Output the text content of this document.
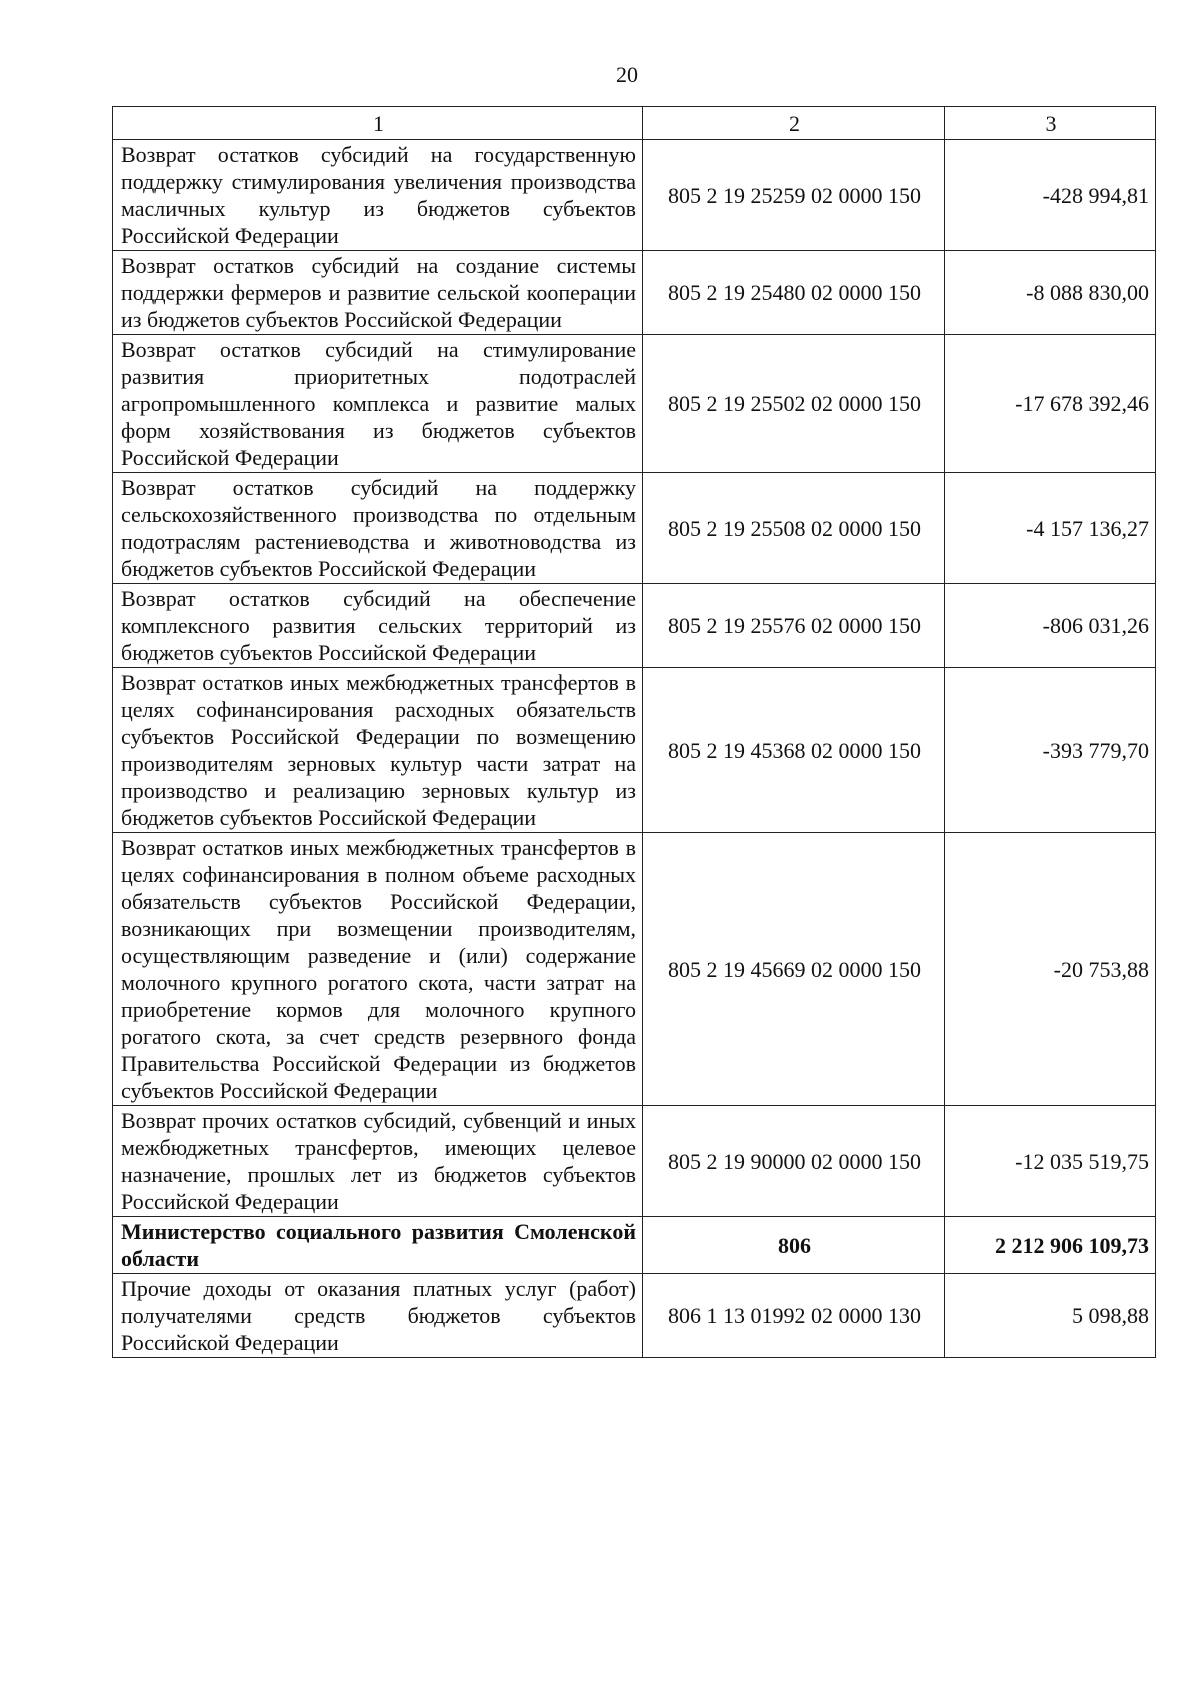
20
1	2	3
Возврат остатков субсидий на государственную поддержку стимулирования увеличения производства масличных культур из бюджетов субъектов Российской Федерации	805 2 19 25259 02 0000 150	-428 994,81
Возврат остатков субсидий на создание системы поддержки фермеров и развитие сельской кооперации из бюджетов субъектов Российской Федерации	805 2 19 25480 02 0000 150	-8 088 830,00
Возврат остатков субсидий на стимулирование развития приоритетных подотраслей агропромышленного комплекса и развитие малых форм хозяйствования из бюджетов субъектов Российской Федерации	805 2 19 25502 02 0000 150	-17 678 392,46
Возврат остатков субсидий на поддержку сельскохозяйственного производства по отдельным подотраслям растениеводства и животноводства из бюджетов субъектов Российской Федерации	805 2 19 25508 02 0000 150	-4 157 136,27
Возврат остатков субсидий на обеспечение комплексного развития сельских территорий из бюджетов субъектов Российской Федерации	805 2 19 25576 02 0000 150	-806 031,26
Возврат остатков иных межбюджетных трансфертов в целях софинансирования расходных обязательств субъектов Российской Федерации по возмещению производителям зерновых культур части затрат на производство и реализацию зерновых культур из бюджетов субъектов Российской Федерации	805 2 19 45368 02 0000 150	-393 779,70
Возврат остатков иных межбюджетных трансфертов в целях софинансирования в полном объеме расходных обязательств субъектов Российской Федерации, возникающих при возмещении производителям, осуществляющим разведение и (или) содержание молочного крупного рогатого скота, части затрат на приобретение кормов для молочного крупного рогатого скота, за счет средств резервного фонда Правительства Российской Федерации из бюджетов субъектов Российской Федерации	805 2 19 45669 02 0000 150	-20 753,88
Возврат прочих остатков субсидий, субвенций и иных межбюджетных трансфертов, имеющих целевое назначение, прошлых лет из бюджетов субъектов Российской Федерации	805 2 19 90000 02 0000 150	-12 035 519,75
Министерство социального развития Смоленской области	806	2 212 906 109,73
Прочие доходы от оказания платных услуг (работ) получателями средств бюджетов субъектов Российской Федерации	806 1 13 01992 02 0000 130	5 098,88
